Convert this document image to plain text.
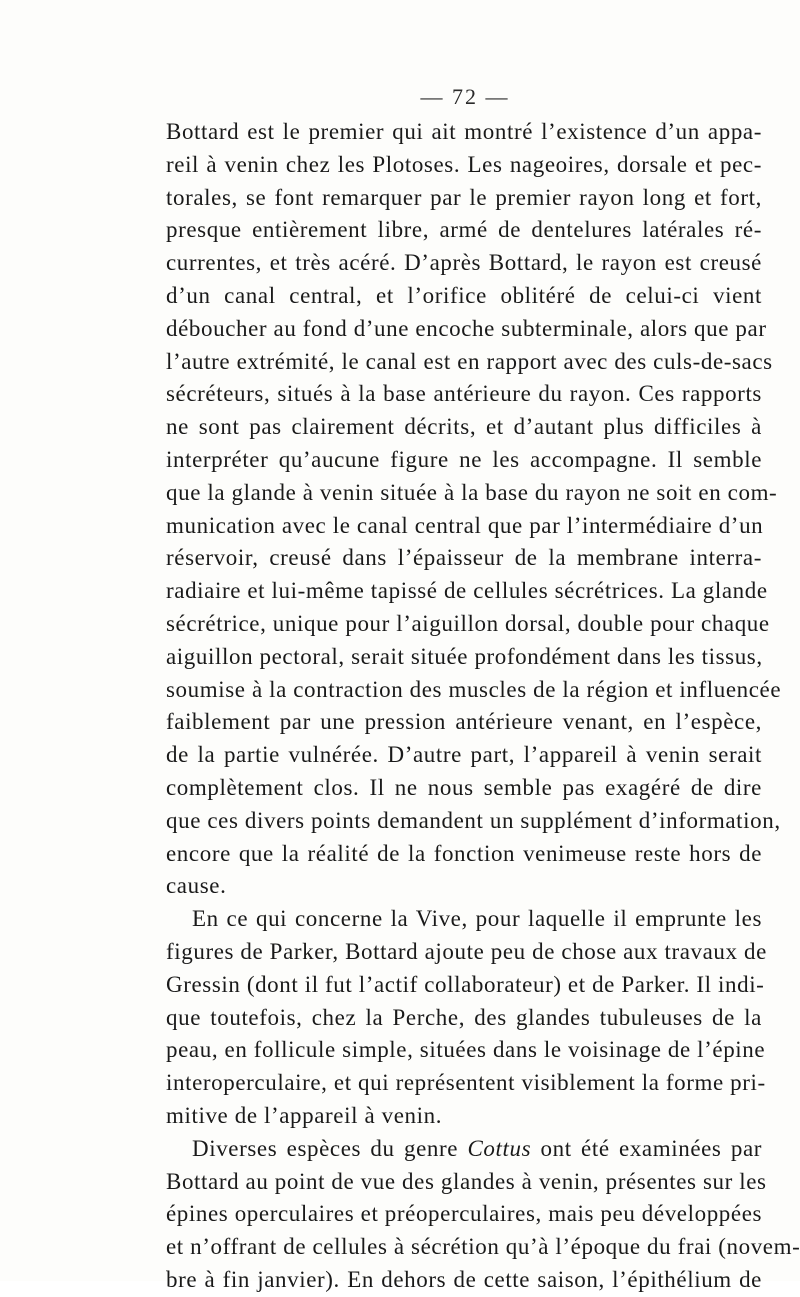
— 72 —
Bottard est le premier qui ait montré l’existence d’un appa-
reil à venin chez les Plotoses. Les nageoires, dorsale et pec-
torales, se font remarquer par le premier rayon long et fort,
presque entièrement libre, armé de dentelures latérales ré-
currentes, et très acéré. D’après Bottard, le rayon est creusé
d’un canal central, et l’orifice oblitéré de celui-ci vient
déboucher au fond d’une encoche subterminale, alors que par
l’autre extrémité, le canal est en rapport avec des culs-de-sacs
sécréteurs, situés à la base antérieure du rayon. Ces rapports
ne sont pas clairement décrits, et d’autant plus difficiles à
interpréter qu’aucune figure ne les accompagne. Il semble
que la glande à venin située à la base du rayon ne soit en com-
munication avec le canal central que par l’intermédiaire d’un
réservoir, creusé dans l’épaisseur de la membrane interra-
radiaire et lui-même tapissé de cellules sécrétrices. La glande
sécrétrice, unique pour l’aiguillon dorsal, double pour chaque
aiguillon pectoral, serait située profondément dans les tissus,
soumise à la contraction des muscles de la région et influencée
faiblement par une pression antérieure venant, en l’espèce,
de la partie vulnérée. D’autre part, l’appareil à venin serait
complètement clos. Il ne nous semble pas exagéré de dire
que ces divers points demandent un supplément d’information,
encore que la réalité de la fonction venimeuse reste hors de
cause.
En ce qui concerne la Vive, pour laquelle il emprunte les
figures de Parker, Bottard ajoute peu de chose aux travaux de
Gressin (dont il fut l’actif collaborateur) et de Parker. Il indi-
que toutefois, chez la Perche, des glandes tubuleuses de la
peau, en follicule simple, situées dans le voisinage de l’épine
interoperculaire, et qui représentent visiblement la forme pri-
mitive de l’appareil à venin.
Diverses espèces du genre Cottus ont été examinées par
Bottard au point de vue des glandes à venin, présentes sur les
épines operculaires et préoperculaires, mais peu développées
et n’offrant de cellules à sécrétion qu’à l’époque du frai (novem-
bre à fin janvier). En dehors de cette saison, l’épithélium de
